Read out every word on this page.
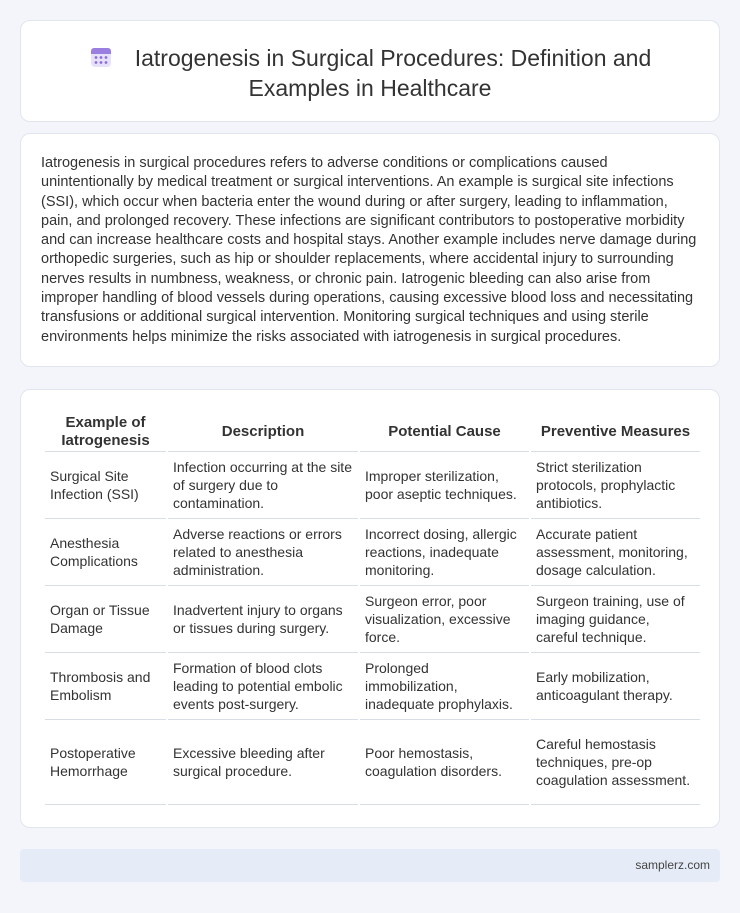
Iatrogenesis in Surgical Procedures: Definition and Examples in Healthcare

Iatrogenesis in surgical procedures refers to adverse conditions or complications caused unintentionally by medical treatment or surgical interventions. An example is surgical site infections (SSI), which occur when bacteria enter the wound during or after surgery, leading to inflammation, pain, and prolonged recovery. These infections are significant contributors to postoperative morbidity and can increase healthcare costs and hospital stays. Another example includes nerve damage during orthopedic surgeries, such as hip or shoulder replacements, where accidental injury to surrounding nerves results in numbness, weakness, or chronic pain. Iatrogenic bleeding can also arise from improper handling of blood vessels during operations, causing excessive blood loss and necessitating transfusions or additional surgical intervention. Monitoring surgical techniques and using sterile environments helps minimize the risks associated with iatrogenesis in surgical procedures.

Example of Iatrogenesis	Description	Potential Cause	Preventive Measures
Surgical Site Infection (SSI)	Infection occurring at the site of surgery due to contamination.	Improper sterilization, poor aseptic techniques.	Strict sterilization protocols, prophylactic antibiotics.
Anesthesia Complications	Adverse reactions or errors related to anesthesia administration.	Incorrect dosing, allergic reactions, inadequate monitoring.	Accurate patient assessment, monitoring, dosage calculation.
Organ or Tissue Damage	Inadvertent injury to organs or tissues during surgery.	Surgeon error, poor visualization, excessive force.	Surgeon training, use of imaging guidance, careful technique.
Thrombosis and Embolism	Formation of blood clots leading to potential embolic events post-surgery.	Prolonged immobilization, inadequate prophylaxis.	Early mobilization, anticoagulant therapy.
Postoperative Hemorrhage	Excessive bleeding after surgical procedure.	Poor hemostasis, coagulation disorders.	Careful hemostasis techniques, pre-op coagulation assessment.
samplerz.com
